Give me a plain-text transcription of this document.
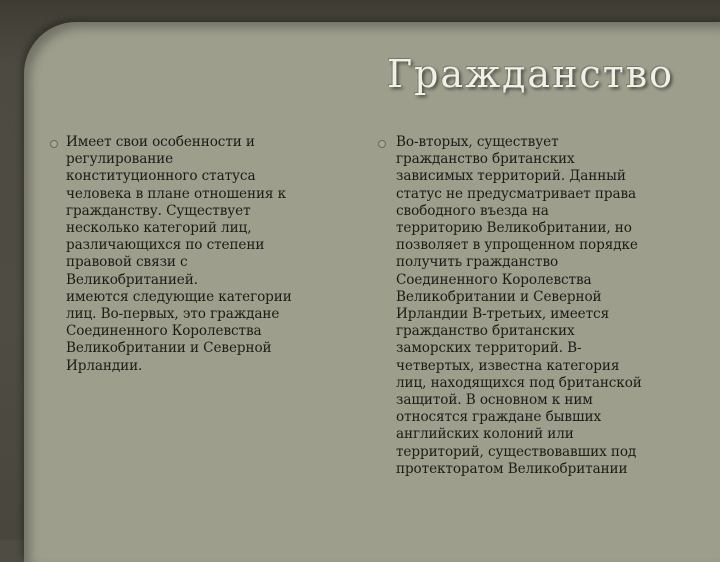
Гражданство

Имеет свои особенности и
регулирование
конституционного статуса
человека в плане отношения к
гражданству. Существует
несколько категорий лиц,
различающихся по степени
правовой связи с
Великобританией.

имеются следующие категории
лиц. Во-первых, это граждане
Соединенного Королевства
Великобритании и Северной
Ирландии.

Во-вторых, существует
гражданство британских
зависимых территорий. Данный
статус не предусматривает права
свободного въезда на
территорию Великобритании, но
позволяет в упрощенном порядке
получить гражданство
Соединенного Королевства
Великобритании и Северной
Ирландии В-третьих, имеется
гражданство британских
заморских территорий. В-
четвертых, известна категория
лиц, находящихся под британской
защитой. В основном к ним
относятся граждане бывших
английских колоний или
территорий, существовавших под
протекторатом Великобритании
